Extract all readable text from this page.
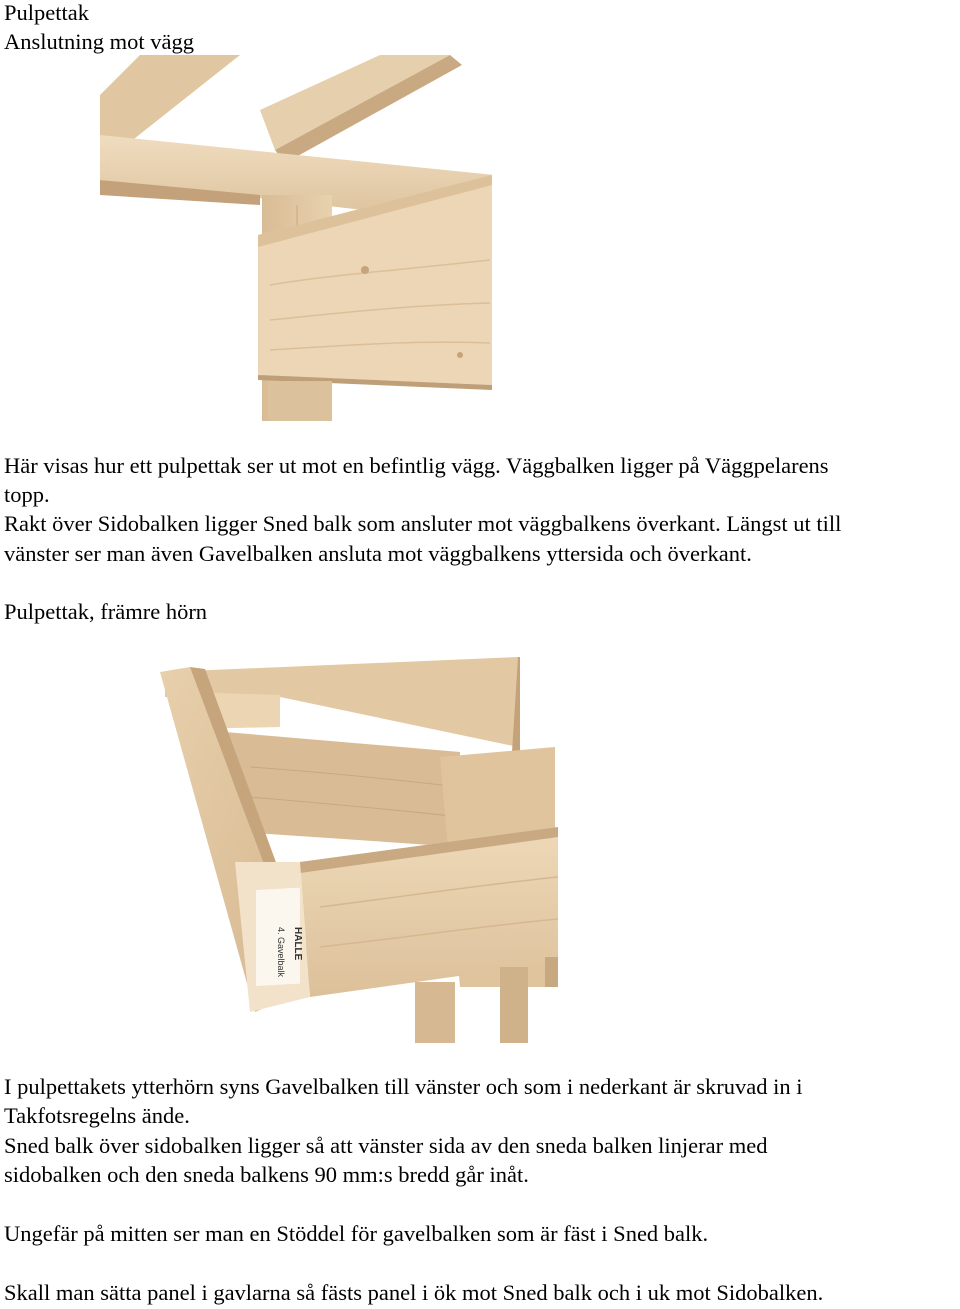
Pulpettak
Anslutning mot vägg
Här visas hur ett pulpettak ser ut mot en befintlig vägg. Väggbalken ligger på Väggpelarens
topp.
Rakt över Sidobalken ligger Sned balk som ansluter mot väggbalkens överkant. Längst ut till
vänster ser man även Gavelbalken ansluta mot väggbalkens yttersida och överkant.
Pulpettak, främre hörn
HALLE
4. Gavelbalk
I pulpettakets ytterhörn syns Gavelbalken till vänster och som i nederkant är skruvad in i
Takfotsregelns ände.
Sned balk över sidobalken ligger så att vänster sida av den sneda balken linjerar med
sidobalken och den sneda balkens 90 mm:s bredd går inåt.
Ungefär på mitten ser man en Stöddel för gavelbalken som är fäst i Sned balk.
Skall man sätta panel i gavlarna så fästs panel i ök mot Sned balk och i uk mot Sidobalken.
